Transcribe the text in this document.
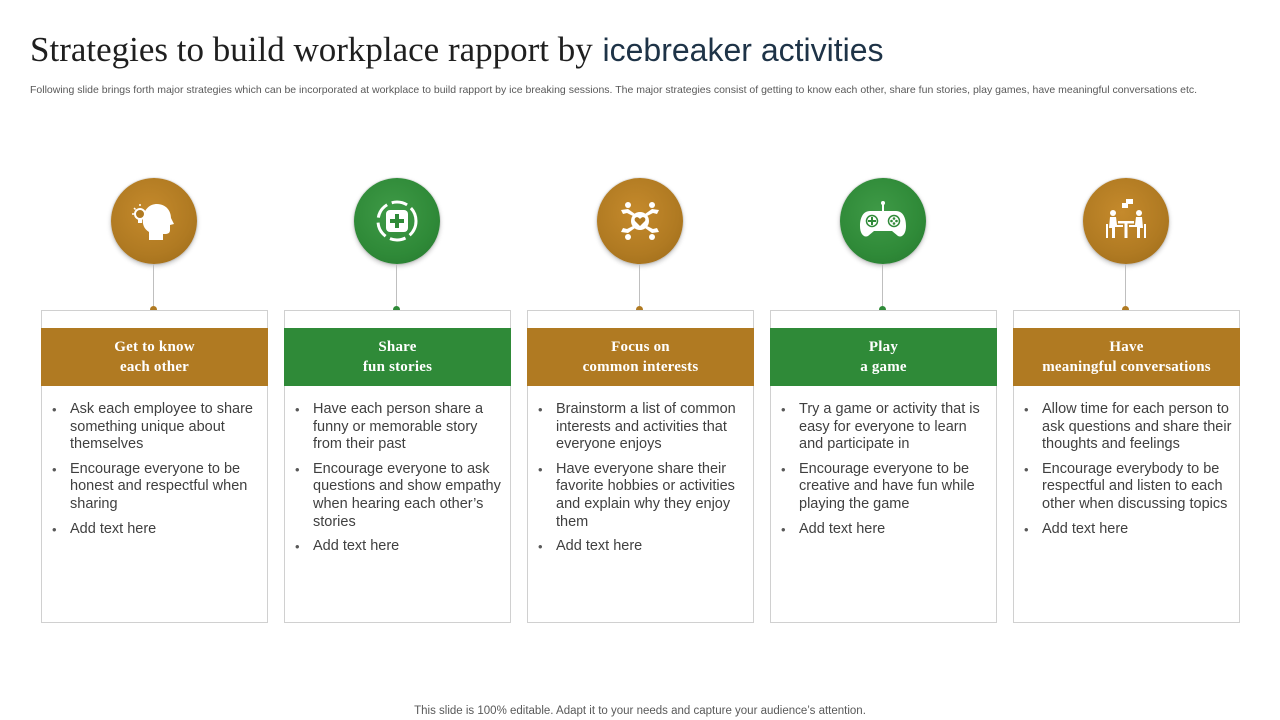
Strategies to build workplace rapport by icebreaker activities
Following slide brings forth major strategies which can be incorporated at workplace to build rapport by ice breaking sessions. The major strategies consist of getting to know each other, share fun stories, play games, have meaningful conversations etc.
Get to know
each other
• Ask each employee to share something unique about themselves
• Encourage everyone to be honest and respectful when sharing
• Add text here
Share
fun stories
• Have each person share a funny or memorable story from their past
• Encourage everyone to ask questions and show empathy when hearing each other’s stories
• Add text here
Focus on
common interests
• Brainstorm a list of common interests and activities that everyone enjoys
• Have everyone share their favorite hobbies or activities and explain why they enjoy them
• Add text here
Play
a game
• Try a game or activity that is easy for everyone to learn and participate in
• Encourage everyone to be creative and have fun while playing the game
• Add text here
Have
meaningful conversations
• Allow time for each person to ask questions and share their thoughts and feelings
• Encourage everybody to be respectful and listen to each other when discussing topics
• Add text here
This slide is 100% editable. Adapt it to your needs and capture your audience’s attention.
